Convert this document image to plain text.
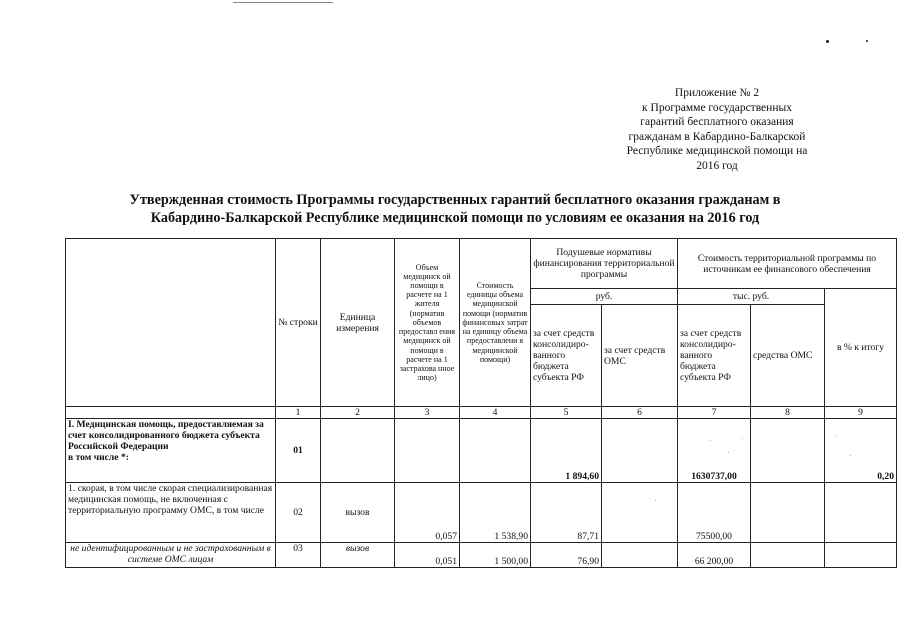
Приложение № 2
к Программе государственных
гарантий бесплатного оказания
гражданам в Кабардино-Балкарской
Республике медицинской помощи на
2016 год
Утвержденная стоимость Программы государственных гарантий бесплатного оказания гражданам в
Кабардино-Балкарской Республике медицинской помощи по условиям ее оказания на 2016 год
	№ строки	Единица измерения	Объем медицинск ой помощи в расчете на 1 жителя (норматив объемов предоставл ения медицинск ой помощи в расчете на 1 застрахова нное лицо)	Стоимость единицы объема медицинской помощи (норматив финансовых затрат на единицу объема предоставлени я медицинской помощи)	Подушевые нормативы финансирования территориальной программы		Стоимость территориальной программы по источникам ее финансового обеспечения		
					руб.		тыс. руб.		в % к итогу
					за счет средств консолидиро-ванного бюджета субъекта РФ	за счет средств ОМС	за счет средств консолидиро-ванного бюджета субъекта РФ	средства ОМС	
	1	2	3	4	5	6	7	8	9

I. Медицинская помощь, предоставляемая за счет консолидированного бюджета субъекта Российской Федерации
в том числе *:	01				1 894,60		1630737,00		0,20
1. скорая, в том числе скорая специализированная медицинская помощь, не включенная с территориальную программу ОМС, в том числе	02	вызов	0,057	1 538,90	87,71		75500,00		
не идентифицированным и не застрахованным в системе ОМС лицам	03	вызов	0,051	1 500,00	76,90		66 200,00		
